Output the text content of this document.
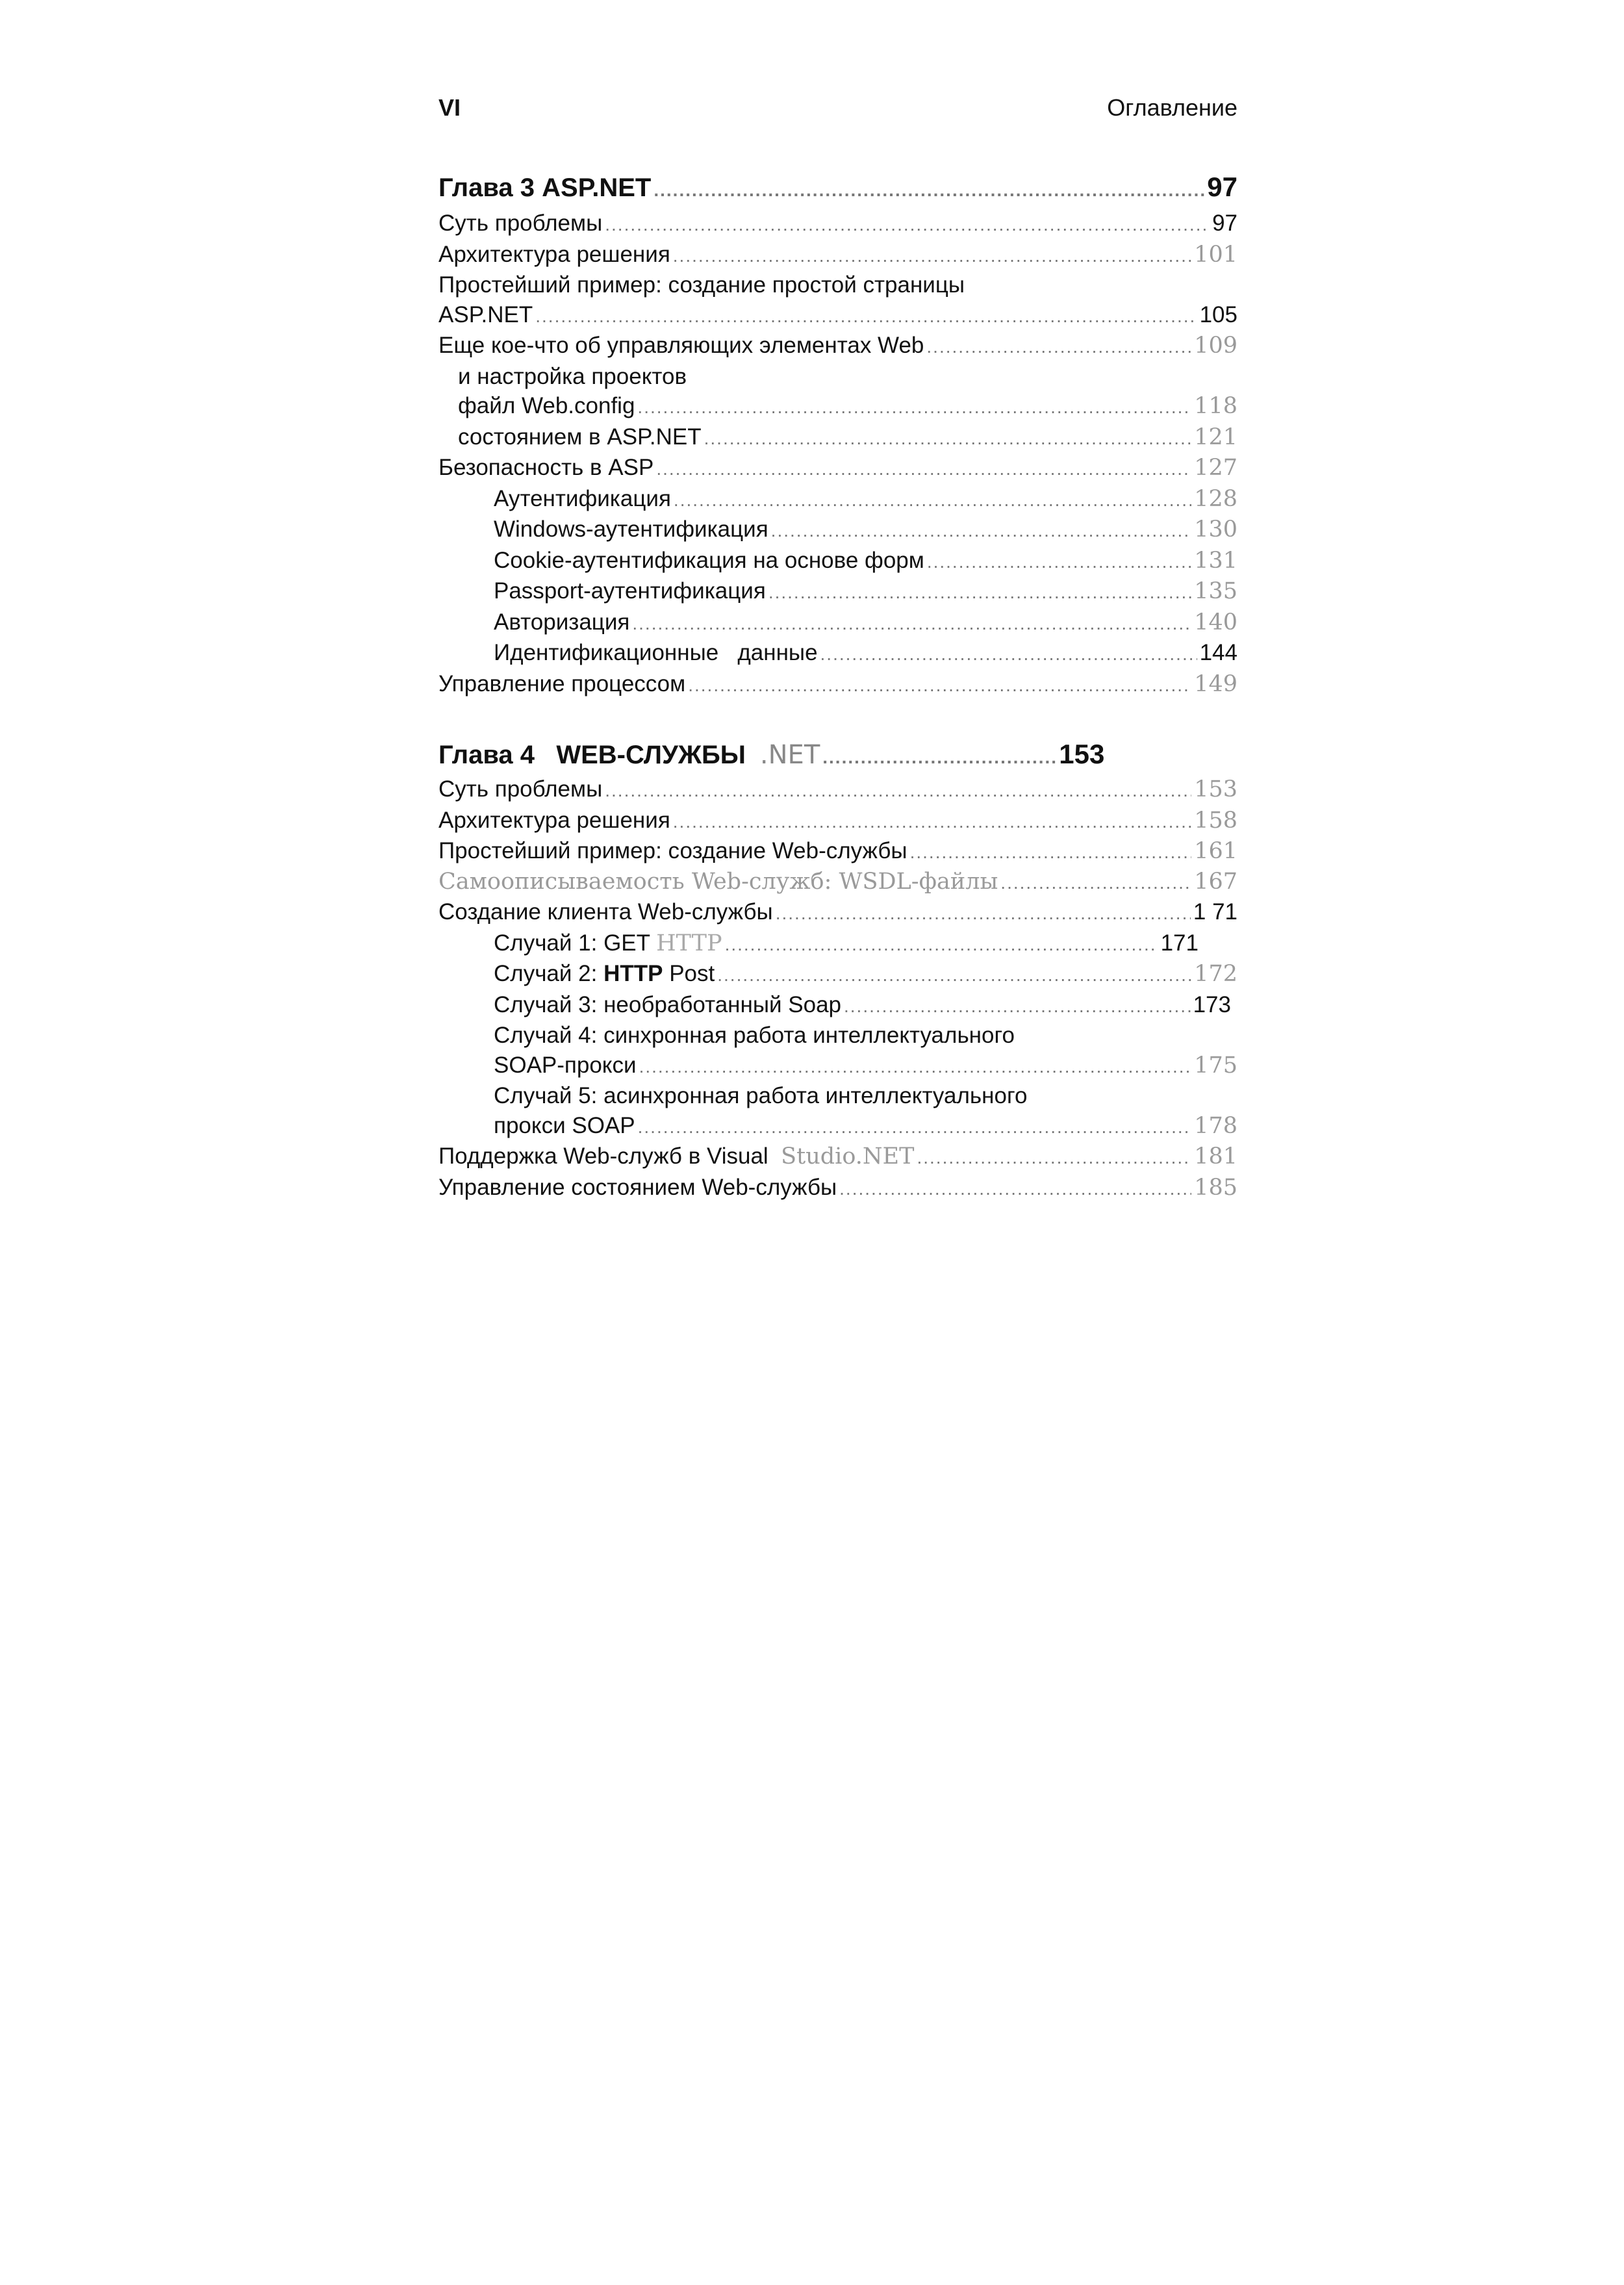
VI	Оглавление
Глава 3 ASP.NET .....	97
Суть проблемы .....	97
Архитектура решения .....	101
Простейший пример: создание простой страницы
ASP.NET .....	105
Еще кое-что об управляющих элементах Web .....	109
и настройка проектов
файл Web.config .....	118
состоянием в ASP.NET .....	121
Безопасность в ASP .....	127
Аутентификация .....	128
Windows-аутентификация .....	130
Cookie-аутентификация на основе форм .....	131
Passport-аутентификация .....	135
Авторизация .....	140
Идентификационные   данные .....	144
Управление процессом .....	149
Глава 4 WEB-СЛУЖБЫ .NET .....	153
Суть проблемы .....	153
Архитектура решения .....	158
Простейший пример: создание Web-службы .....	161
Самоописываемость Web-служб: WSDL-файлы .....	167
Создание клиента Web-службы .....	1 71
Случай 1: GET HTTP .....	171
Случай 2: HTTP Post .....	172
Случай 3: необработанный Soap .....	173
Случай 4: синхронная работа интеллектуального
SOAP-прокси .....	175
Случай 5: асинхронная работа интеллектуального
прокси SOAP .....	178
Поддержка Web-служб в Visual Studio.NET .....	181
Управление состоянием Web-службы .....	185
